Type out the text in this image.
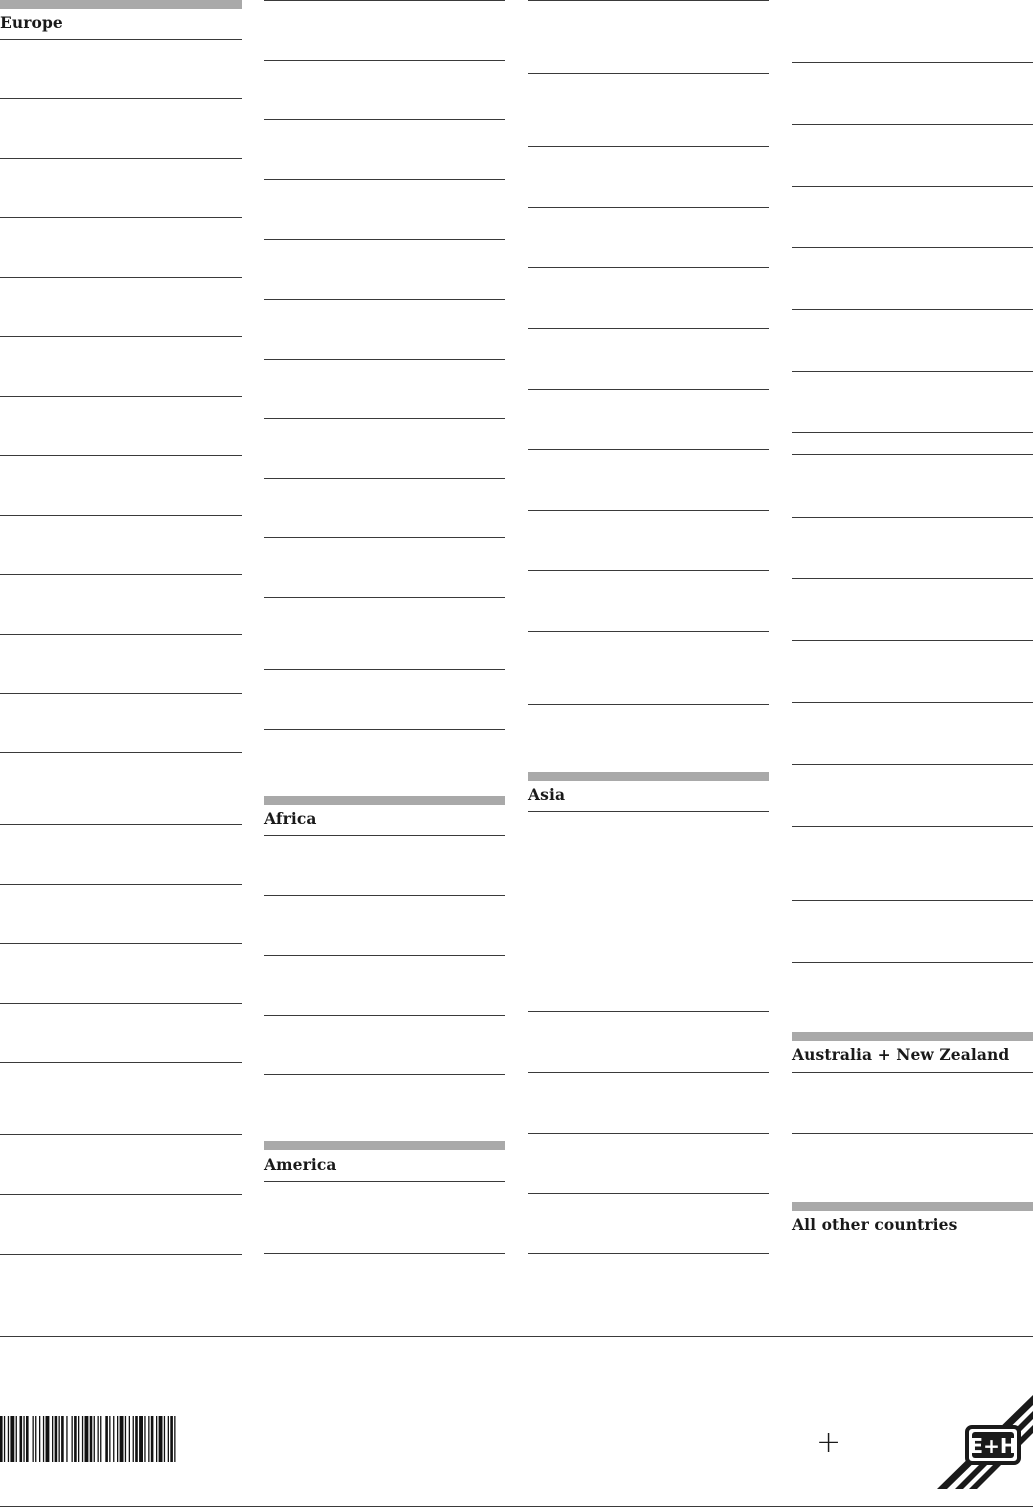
Europe
Africa
America
Asia
Australia + New Zealand
All other countries
+	E+H
